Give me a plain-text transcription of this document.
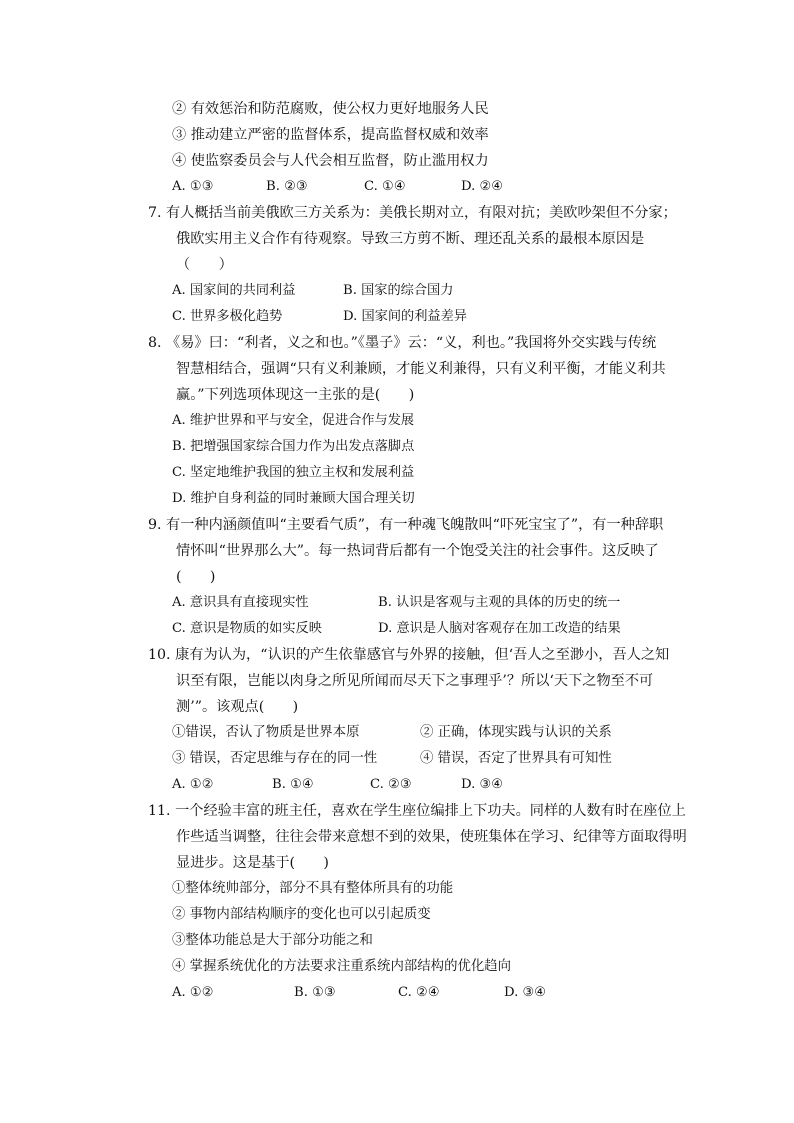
② 有效惩治和防范腐败，使公权力更好地服务人民
③ 推动建立严密的监督体系，提高监督权威和效率
④ 使监察委员会与人代会相互监督，防止滥用权力
A. ①③	B. ②③	C. ①④	D. ②④
7. 有人概括当前美俄欧三方关系为：美俄长期对立，有限对抗；美欧吵架但不分家；
俄欧实用主义合作有待观察。导致三方剪不断、理还乱关系的最根本原因是
（　　）
A. 国家间的共同利益	B. 国家的综合国力
C. 世界多极化趋势	D. 国家间的利益差异
8. 《易》曰：“利者，义之和也。”《墨子》云：“义，利也。”我国将外交实践与传统
智慧相结合，强调“只有义利兼顾，才能义利兼得，只有义利平衡，才能义利共
赢。”下列选项体现这一主张的是(　　)
A. 维护世界和平与安全，促进合作与发展
B. 把增强国家综合国力作为出发点落脚点
C. 坚定地维护我国的独立主权和发展利益
D. 维护自身利益的同时兼顾大国合理关切
9. 有一种内涵颜值叫“主要看气质”，有一种魂飞魄散叫“吓死宝宝了”，有一种辞职
情怀叫“世界那么大”。每一热词背后都有一个饱受关注的社会事件。这反映了
(　　)
A. 意识具有直接现实性	B. 认识是客观与主观的具体的历史的统一
C. 意识是物质的如实反映	D. 意识是人脑对客观存在加工改造的结果
10. 康有为认为，“认识的产生依靠感官与外界的接触，但‘吾人之至渺小，吾人之知
识至有限，岂能以肉身之所见所闻而尽天下之事理乎’？所以‘天下之物至不可
测’”。该观点(　　)
①错误，否认了物质是世界本原	② 正确，体现实践与认识的关系
③ 错误，否定思维与存在的同一性	④ 错误，否定了世界具有可知性
A. ①②	B. ①④	C. ②③	D. ③④
11. 一个经验丰富的班主任，喜欢在学生座位编排上下功夫。同样的人数有时在座位上
作些适当调整，往往会带来意想不到的效果，使班集体在学习、纪律等方面取得明
显进步。这是基于(　　)
①整体统帅部分，部分不具有整体所具有的功能
② 事物内部结构顺序的变化也可以引起质变
③整体功能总是大于部分功能之和
④ 掌握系统优化的方法要求注重系统内部结构的优化趋向
A. ①②	B. ①③	C. ②④	D. ③④
